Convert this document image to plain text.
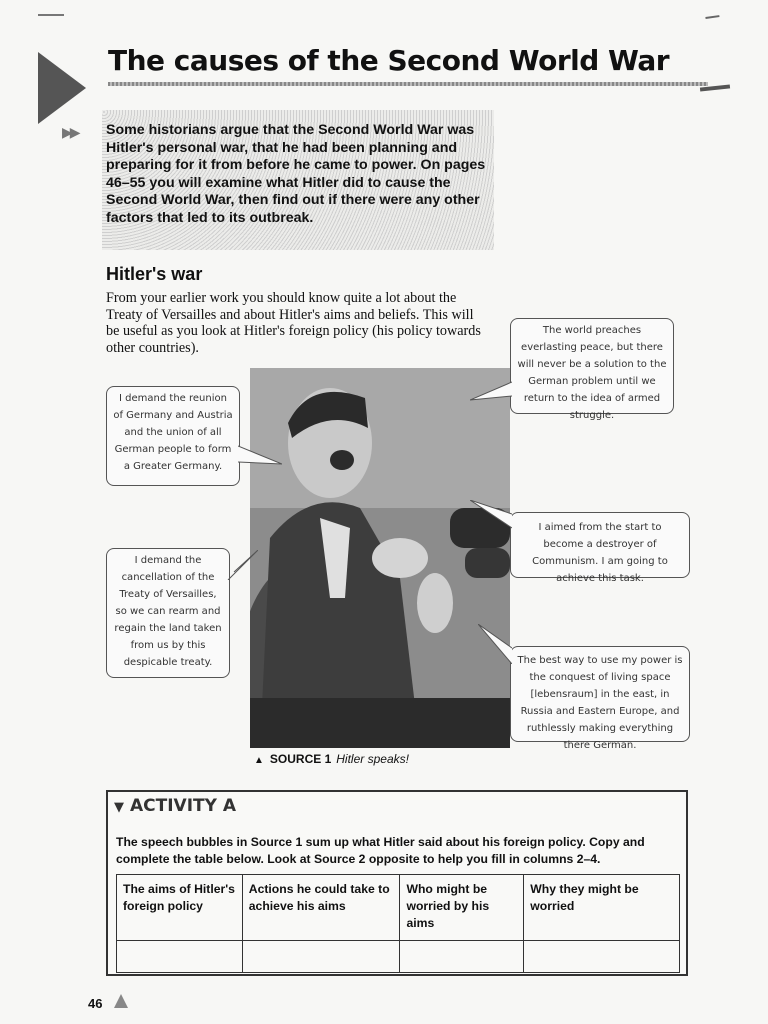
The causes of the Second World War
▶▶ Some historians argue that the Second World War was Hitler's personal war, that he had been planning and preparing for it from before he came to power. On pages 46–55 you will examine what Hitler did to cause the Second World War, then find out if there were any other factors that led to its outbreak.

Hitler's war

From your earlier work you should know quite a lot about the Treaty of Versailles and about Hitler's aims and beliefs. This will be useful as you look at Hitler's foreign policy (his policy towards other countries).

▲ SOURCE 1 Hitler speaks!
I demand the reunion of Germany and Austria and the union of all German people to form a Greater Germany.
I demand the cancellation of the Treaty of Versailles, so we can rearm and regain the land taken from us by this despicable treaty.
The world preaches everlasting peace, but there will never be a solution to the German problem until we return to the idea of armed struggle.
I aimed from the start to become a destroyer of Communism. I am going to achieve this task.
The best way to use my power is the conquest of living space [lebensraum] in the east, in Russia and Eastern Europe, and ruthlessly making everything there German.
▼ ACTIVITY A

The speech bubbles in Source 1 sum up what Hitler said about his foreign policy. Copy and complete the table below. Look at Source 2 opposite to help you fill in columns 2–4.

The aims of Hitler's foreign policy	Actions he could take to achieve his aims	Who might be worried by his aims	Why they might be worried

46
